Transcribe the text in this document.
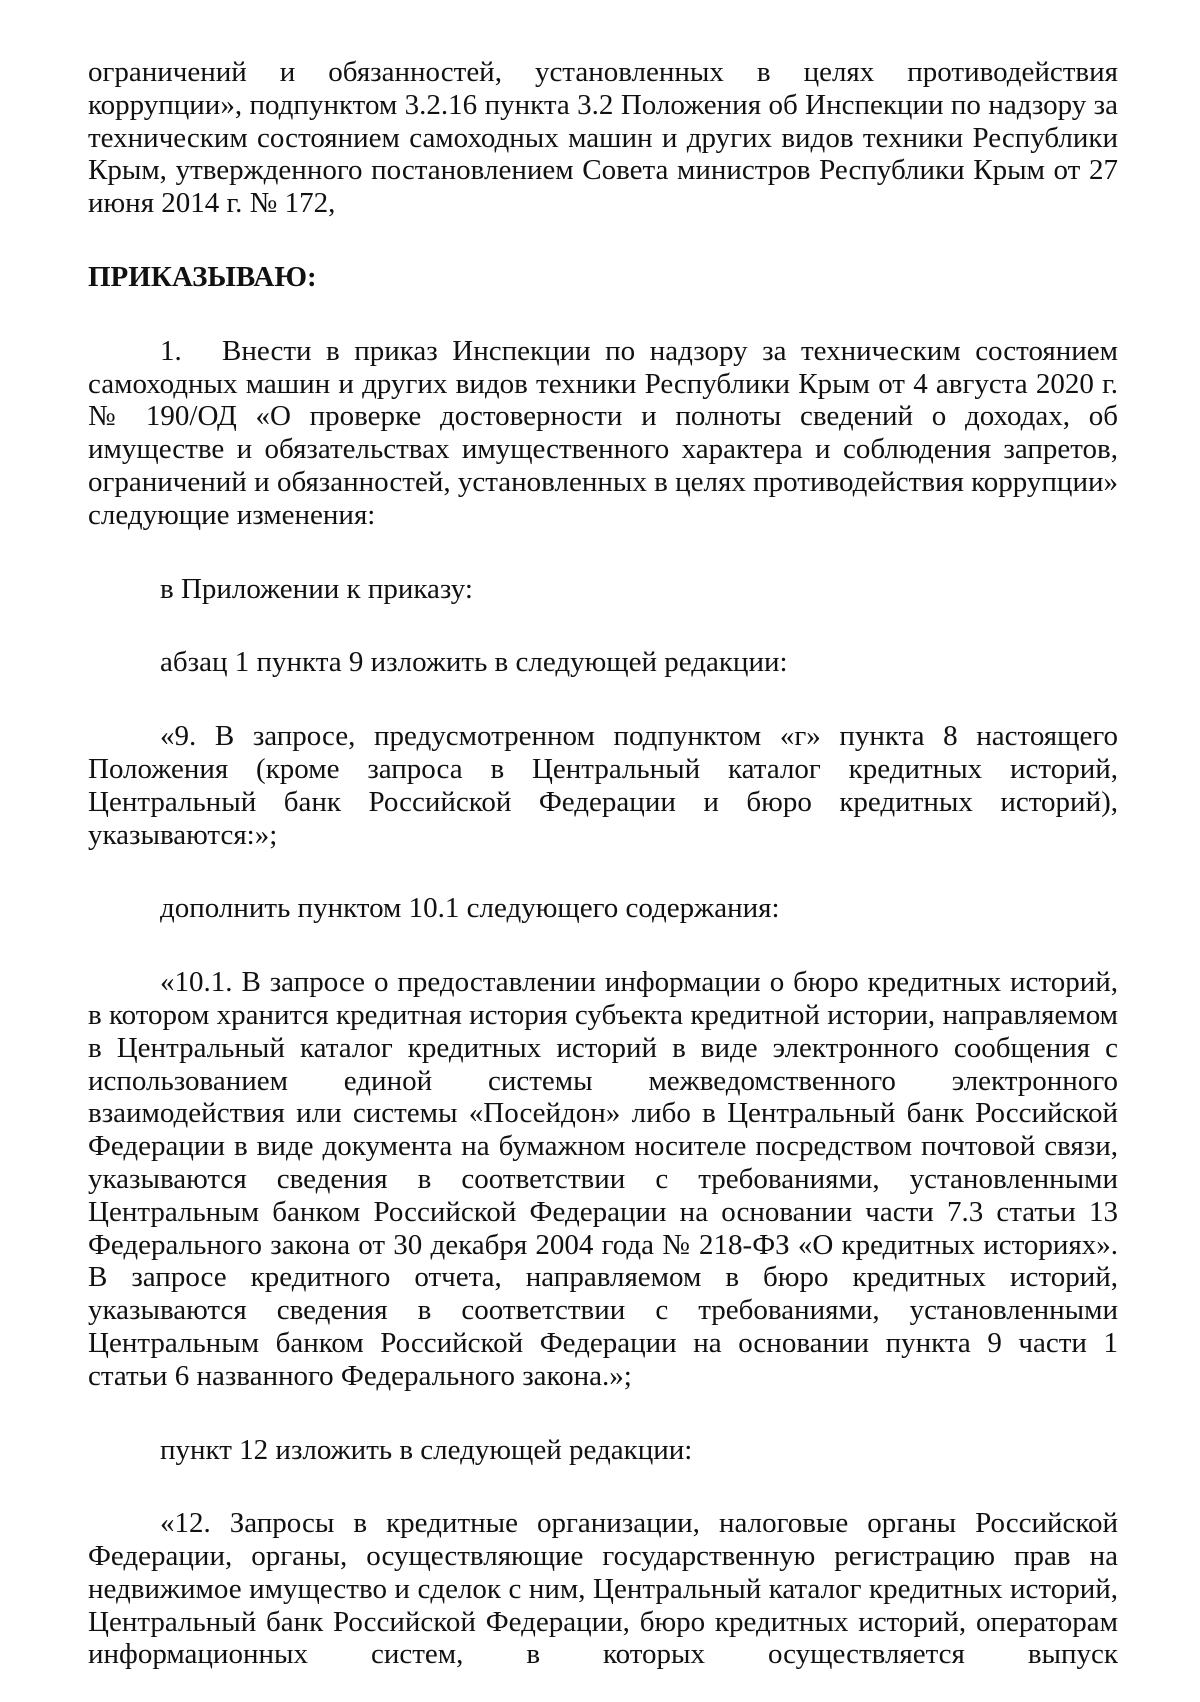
ограничений и обязанностей, установленных в целях противодействия коррупции», подпунктом 3.2.16 пункта 3.2 Положения об Инспекции по надзору за техническим состоянием самоходных машин и других видов техники Республики Крым, утвержденного постановлением Совета министров Республики Крым от 27 июня 2014 г. № 172,

ПРИКАЗЫВАЮ:

1. Внести в приказ Инспекции по надзору за техническим состоянием самоходных машин и других видов техники Республики Крым от 4 августа 2020 г. № 190/ОД «О проверке достоверности и полноты сведений о доходах, об имуществе и обязательствах имущественного характера и соблюдения запретов, ограничений и обязанностей, установленных в целях противодействия коррупции» следующие изменения:

в Приложении к приказу:

абзац 1 пункта 9 изложить в следующей редакции:

«9. В запросе, предусмотренном подпунктом «г» пункта 8 настоящего Положения (кроме запроса в Центральный каталог кредитных историй, Центральный банк Российской Федерации и бюро кредитных историй), указываются:»;

дополнить пунктом 10.1 следующего содержания:

«10.1. В запросе о предоставлении информации о бюро кредитных историй, в котором хранится кредитная история субъекта кредитной истории, направляемом в Центральный каталог кредитных историй в виде электронного сообщения с использованием единой системы межведомственного электронного взаимодействия или системы «Посейдон» либо в Центральный банк Российской Федерации в виде документа на бумажном носителе посредством почтовой связи, указываются сведения в соответствии с требованиями, установленными Центральным банком Российской Федерации на основании части 7.3 статьи 13 Федерального закона от 30 декабря 2004 года № 218-ФЗ «О кредитных историях». В запросе кредитного отчета, направляемом в бюро кредитных историй, указываются сведения в соответствии с требованиями, установленными Центральным банком Российской Федерации на основании пункта 9 части 1 статьи 6 названного Федерального закона.»;

пункт 12 изложить в следующей редакции:

«12. Запросы в кредитные организации, налоговые органы Российской Федерации, органы, осуществляющие государственную регистрацию прав на недвижимое имущество и сделок с ним, Центральный каталог кредитных историй, Центральный банк Российской Федерации, бюро кредитных историй, операторам информационных систем, в которых осуществляется выпуск
